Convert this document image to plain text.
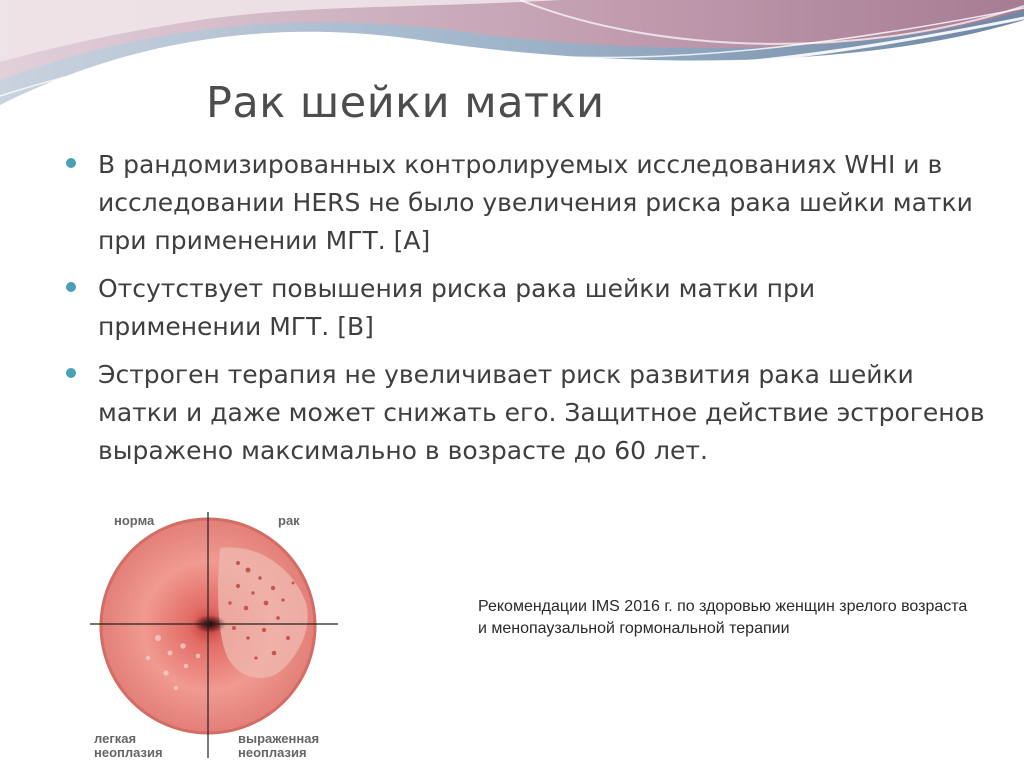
Рак шейки матки
В рандомизированных контролируемых исследованиях WHI и в исследовании HERS не было увеличения риска рака шейки матки при применении МГТ. [A]
Отсутствует повышения риска рака шейки матки при применении МГТ. [B]
Эстроген терапия не увеличивает риск развития рака шейки матки и даже может снижать его. Защитное действие эстрогенов выражено максимально в возрасте до 60 лет.
норма	рак
легкая
неоплазия
выраженная
неоплазия
Рекомендации IMS 2016 г. по здоровью женщин зрелого возраста и менопаузальной гормональной терапии
